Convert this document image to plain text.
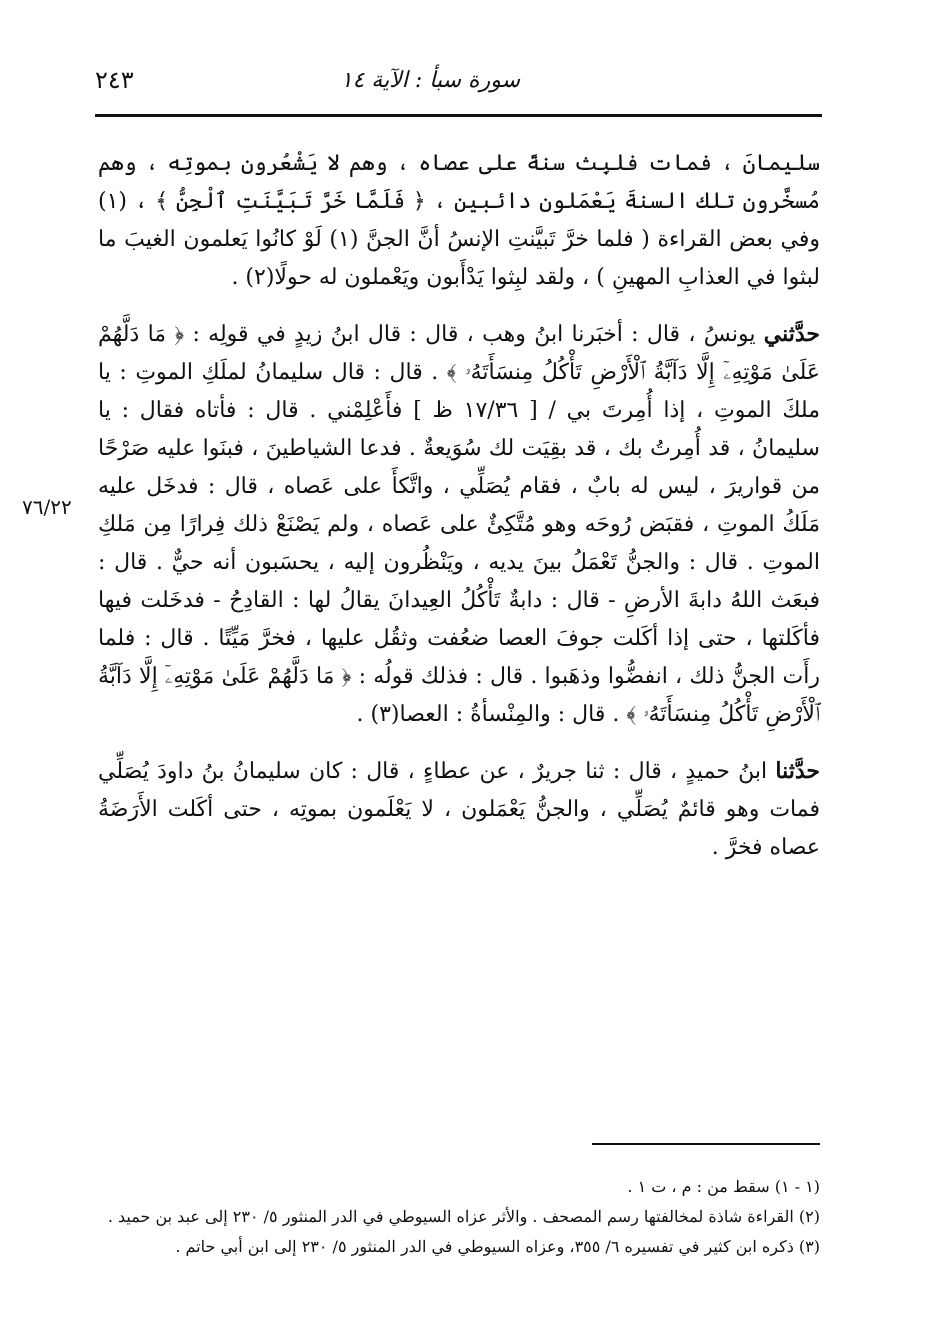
سورة سبأ : الآية ١٤
٢٤٣

سليمانَ ، فمات فلبِث سنةً على عصاه ، وهم لا يَشْعُرون بموتِه ، وهم مُسخَّرون تلك السنةَ يَعْمَلون دائبين ، ﴿ فَلَمَّا خَرَّ تَبَيَّنَتِ ٱلْجِنُّ ﴾ ، (١) وفي بعض القراءة ( فلما خرَّ تَبيَّنتِ الإنسُ أنَّ الجنَّ (١) لَوْ كانُوا يَعلمون الغيبَ ما لبثوا في العذابِ المهينِ ) ، ولقد لبِثوا يَدْأَبون ويَعْملون له حولًا(٢) .

حدَّثني يونسُ ، قال : أخبَرنا ابنُ وهب ، قال : قال ابنُ زيدٍ في قولِه : ﴿ مَا دَلَّهُمْ عَلَىٰ مَوْتِهِۦٓ إِلَّا دَآبَّةُ ٱلْأَرْضِ تَأْكُلُ مِنسَأَتَهُۥ ﴾ . قال : قال سليمانُ لملَكِ الموتِ : يا ملكَ الموتِ ، إذا أُمِرتَ بي / [ ١٧/٣٦ ظ ] فأَعْلِمْني . قال : فأتاه فقال : يا سليمانُ ، قد أُمِرتُ بك ، قد بقِيَت لك سُوَيعةٌ . فدعا الشياطينَ ، فبنَوا عليه صَرْحًا من قواريرَ ، ليس له بابٌ ، فقام يُصَلِّي ، واتَّكأَ على عَصاه ، قال : فدخَل عليه مَلَكُ الموتِ ، فقبَض رُوحَه وهو مُتَّكِئٌ على عَصاه ، ولم يَصْنَعْ ذلك فِرارًا مِن مَلكِ الموتِ . قال : والجنُّ تَعْمَلُ بينَ يديه ، ويَنْظُرون إليه ، يحسَبون أنه حيٌّ . قال : فبعَث اللهُ دابةَ الأرضِ - قال : دابةٌ تَأْكُلُ العِيدانَ يقالُ لها : القادِحُ - فدخَلت فيها فأكَلتها ، حتى إذا أكَلت جوفَ العصا ضعُفت وثقُل عليها ، فخرَّ مَيِّتًا . قال : فلما رأَت الجنُّ ذلك ، انفضُّوا وذهَبوا . قال : فذلك قولُه : ﴿ مَا دَلَّهُمْ عَلَىٰ مَوْتِهِۦٓ إِلَّا دَآبَّةُ ٱلْأَرْضِ تَأْكُلُ مِنسَأَتَهُۥ ﴾ . قال : والمِنْسأةُ : العصا(٣) .

حدَّثنا ابنُ حميدٍ ، قال : ثنا جريرٌ ، عن عطاءٍ ، قال : كان سليمانُ بنُ داودَ يُصَلِّي فمات وهو قائمٌ يُصَلِّي ، والجنُّ يَعْمَلون ، لا يَعْلَمون بموتِه ، حتى أكَلت الأَرَضَةُ عصاه فخرَّ .

٧٦/٢٢

(١ - ١) سقط من : م ، ت ١ .

(٢) القراءة شاذة لمخالفتها رسم المصحف . والأثر عزاه السيوطي في الدر المنثور ٥/ ٢٣٠ إلى عبد بن حميد .

(٣) ذكره ابن كثير في تفسيره ٦/ ٣٥٥، وعزاه السيوطي في الدر المنثور ٥/ ٢٣٠ إلى ابن أبي حاتم .
